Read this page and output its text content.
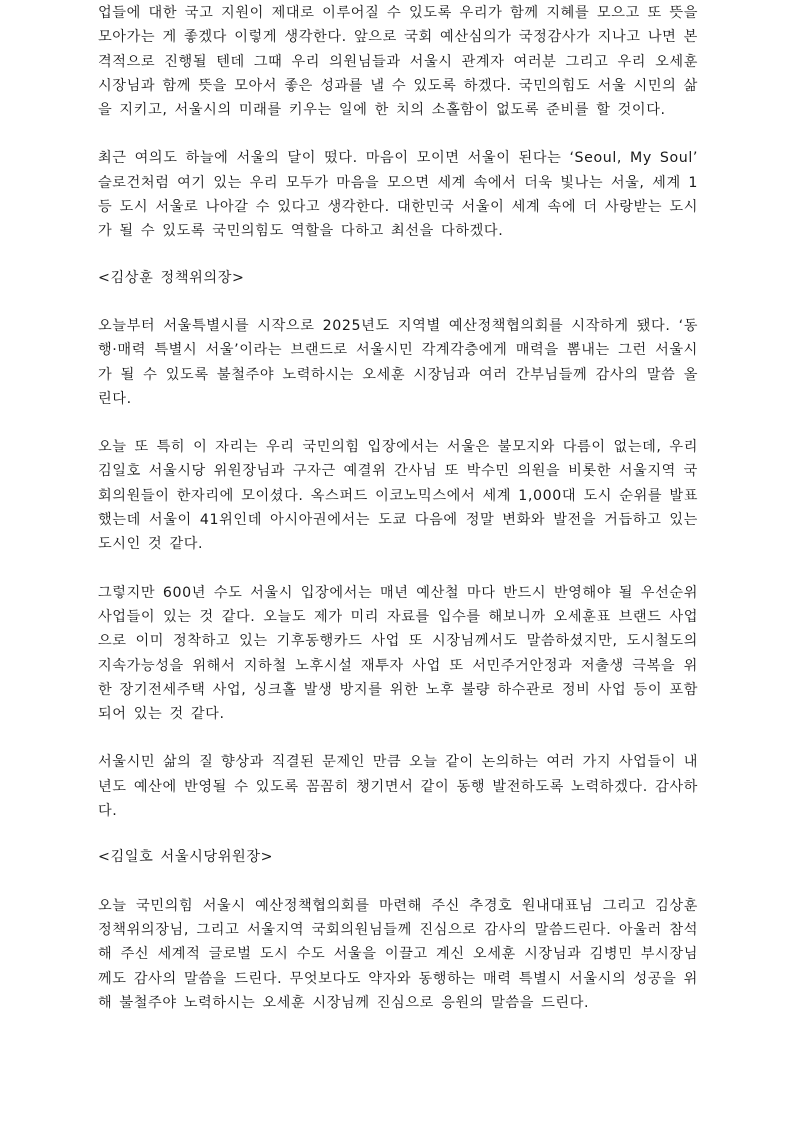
업들에 대한 국고 지원이 제대로 이루어질 수 있도록 우리가 함께 지혜를 모으고 또 뜻을 모아가는 게 좋겠다 이렇게 생각한다. 앞으로 국회 예산심의가 국정감사가 지나고 나면 본격적으로 진행될 텐데 그때 우리 의원님들과 서울시 관계자 여러분 그리고 우리 오세훈 시장님과 함께 뜻을 모아서 좋은 성과를 낼 수 있도록 하겠다. 국민의힘도 서울 시민의 삶을 지키고, 서울시의 미래를 키우는 일에 한 치의 소홀함이 없도록 준비를 할 것이다.

최근 여의도 하늘에 서울의 달이 떴다. 마음이 모이면 서울이 된다는 ‘Seoul, My Soul’ 슬로건처럼 여기 있는 우리 모두가 마음을 모으면 세계 속에서 더욱 빛나는 서울, 세계 1등 도시 서울로 나아갈 수 있다고 생각한다. 대한민국 서울이 세계 속에 더 사랑받는 도시가 될 수 있도록 국민의힘도 역할을 다하고 최선을 다하겠다.

<김상훈 정책위의장>

오늘부터 서울특별시를 시작으로 2025년도 지역별 예산정책협의회를 시작하게 됐다. ‘동행·매력 특별시 서울’이라는 브랜드로 서울시민 각계각층에게 매력을 뽐내는 그런 서울시가 될 수 있도록 불철주야 노력하시는 오세훈 시장님과 여러 간부님들께 감사의 말씀 올린다.

오늘 또 특히 이 자리는 우리 국민의힘 입장에서는 서울은 불모지와 다름이 없는데, 우리 김일호 서울시당 위원장님과 구자근 예결위 간사님 또 박수민 의원을 비롯한 서울지역 국회의원들이 한자리에 모이셨다. 옥스퍼드 이코노믹스에서 세계 1,000대 도시 순위를 발표했는데 서울이 41위인데 아시아권에서는 도쿄 다음에 정말 변화와 발전을 거듭하고 있는 도시인 것 같다.

그렇지만 600년 수도 서울시 입장에서는 매년 예산철 마다 반드시 반영해야 될 우선순위 사업들이 있는 것 같다. 오늘도 제가 미리 자료를 입수를 해보니까 오세훈표 브랜드 사업으로 이미 정착하고 있는 기후동행카드 사업 또 시장님께서도 말씀하셨지만, 도시철도의 지속가능성을 위해서 지하철 노후시설 재투자 사업 또 서민주거안정과 저출생 극복을 위한 장기전세주택 사업, 싱크홀 발생 방지를 위한 노후 불량 하수관로 정비 사업 등이 포함 되어 있는 것 같다.

서울시민 삶의 질 향상과 직결된 문제인 만큼 오늘 같이 논의하는 여러 가지 사업들이 내년도 예산에 반영될 수 있도록 꼼꼼히 챙기면서 같이 동행 발전하도록 노력하겠다. 감사하다.

<김일호 서울시당위원장>

오늘 국민의힘 서울시 예산정책협의회를 마련해 주신 추경호 원내대표님 그리고 김상훈 정책위의장님, 그리고 서울지역 국회의원님들께 진심으로 감사의 말씀드린다. 아울러 참석해 주신 세계적 글로벌 도시 수도 서울을 이끌고 계신 오세훈 시장님과 김병민 부시장님께도 감사의 말씀을 드린다. 무엇보다도 약자와 동행하는 매력 특별시 서울시의 성공을 위해 불철주야 노력하시는 오세훈 시장님께 진심으로 응원의 말씀을 드린다.
